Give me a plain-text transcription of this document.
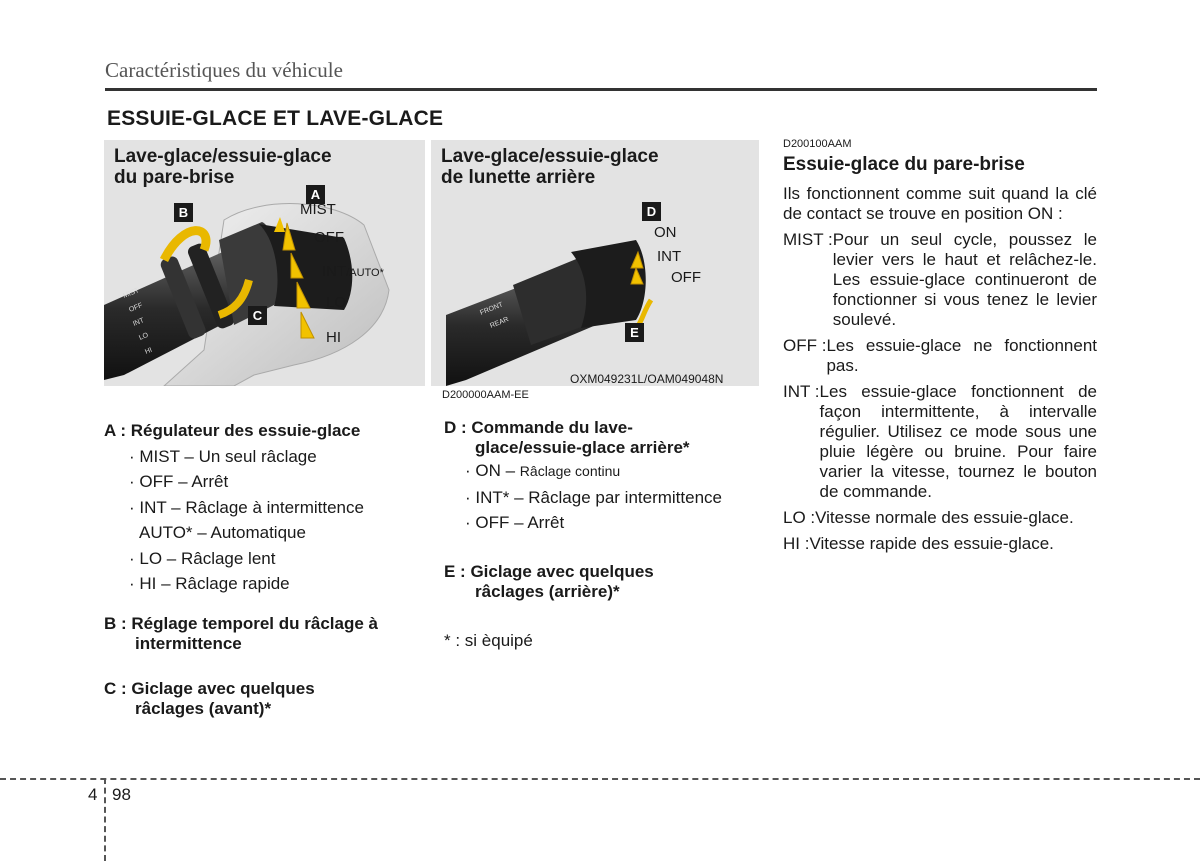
Caractéristiques du véhicule
ESSUIE-GLACE ET LAVE-GLACE
MIST
OFF
INT
LO
HI
Lave-glace/essuie-glace
du pare-brise
A
B
C
MIST
OFF
INT/AUTO*
LO
HI
FRONT
REAR
Lave-glace/essuie-glace
de lunette arrière
D
E
ON
INT
OFF
OXM049231L/OAM049048N
D200000AAM-EE
A : Régulateur des essuie-glace
· MIST – Un seul râclage
· OFF – Arrêt
· INT – Râclage à intermittence
AUTO* – Automatique
· LO – Râclage lent
· HI – Râclage rapide
B : Réglage temporel du râclage à
intermittence
C : Giclage avec quelques
râclages (avant)*
D : Commande du lave-
glace/essuie-glace arrière*
· ON – Râclage continu
· INT* – Râclage par intermittence
· OFF – Arrêt
E : Giclage avec quelques
râclages (arrière)*
* : si èquipé
D200100AAM
Essuie-glace du pare-brise
Ils fonctionnent comme suit quand la clé de contact se trouve en position ON :
MIST : Pour un seul cycle, poussez le levier vers le haut et relâchez-le. Les essuie-glace continueront de fonctionner si vous tenez le levier soulevé.
OFF : Les essuie-glace ne fonctionnent pas.
INT : Les essuie-glace fonctionnent de façon intermittente, à intervalle régulier. Utilisez ce mode sous une pluie légère ou bruine. Pour faire varier la vitesse, tournez le bouton de commande.
LO : Vitesse normale des essuie-glace.
HI : Vitesse rapide des essuie-glace.
4 98
